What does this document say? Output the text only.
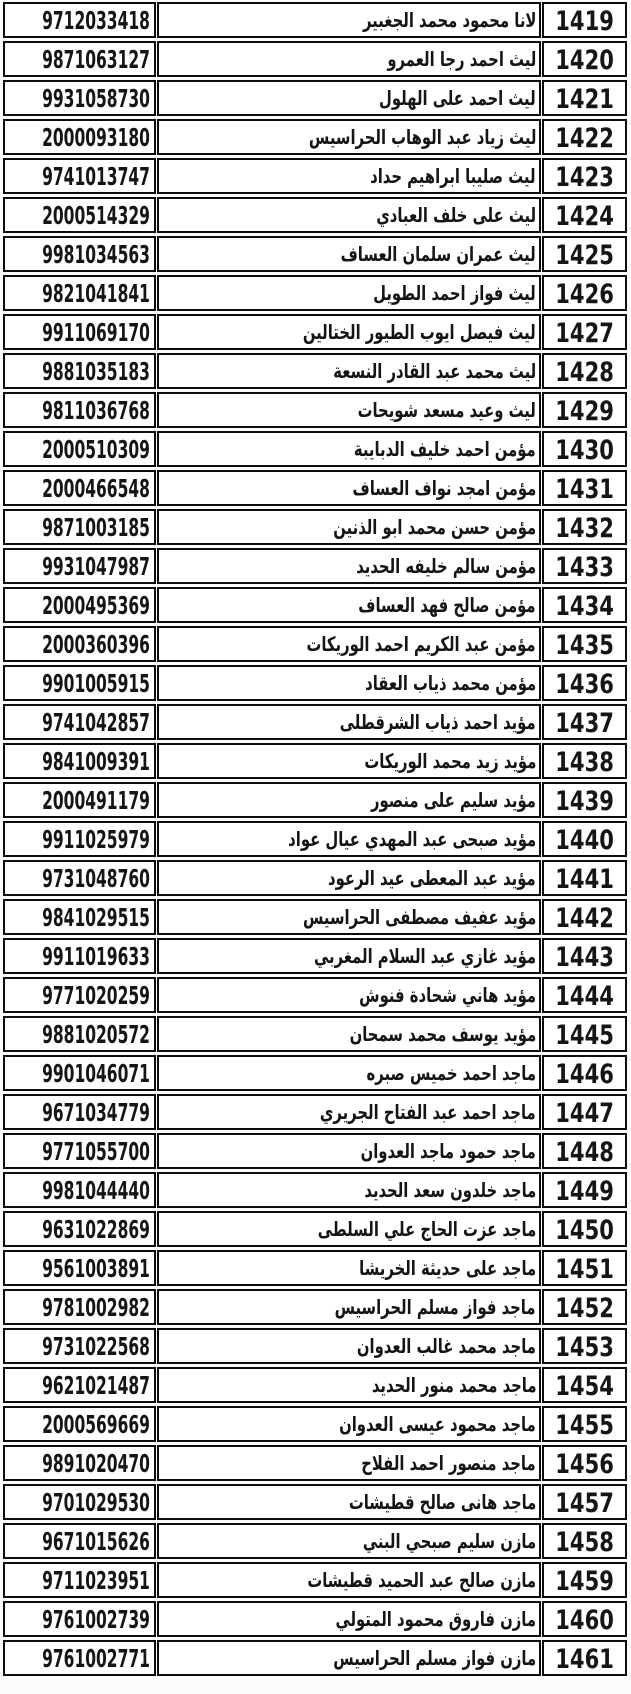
9712033418	لانا محمود محمد الجغبير 1419
9871063127	ليث احمد رجا العمرو 1420
9931058730	ليث احمد على الهلول 1421
2000093180	ليث زياد عبد الوهاب الحراسيس 1422
9741013747	ليث صليبا ابراهيم حداد 1423
2000514329	ليث على خلف العبادي 1424
9981034563	ليث عمران سلمان العساف 1425
9821041841	ليث فواز احمد الطويل 1426
9911069170	ليث فيصل ايوب الطيور الختالين 1427
9881035183	ليث محمد عبد القادر النسعة 1428
9811036768	ليث وعيد مسعد شويحات 1429
2000510309	مؤمن احمد خليف الدبايبة 1430
2000466548	مؤمن امجد نواف العساف 1431
9871003185	مؤمن حسن محمد ابو الذنين 1432
9931047987	مؤمن سالم خليفه الحديد 1433
2000495369	مؤمن صالح فهد العساف 1434
2000360396	مؤمن عبد الكريم احمد الوريكات 1435
9901005915	مؤمن محمد ذياب العقاد 1436
9741042857	مؤيد احمد ذياب الشرقطلى 1437
9841009391	مؤيد زيد محمد الوريكات 1438
2000491179	مؤيد سليم على منصور 1439
9911025979	مؤيد صبحى عبد المهدي عيال عواد 1440
9731048760	مؤيد عبد المعطى عيد الرعود 1441
9841029515	مؤيد عفيف مصطفى الحراسيس 1442
9911019633	مؤيد غازي عبد السلام المغربي 1443
9771020259	مؤيد هاني شحادة فنوش 1444
9881020572	مؤيد يوسف محمد سمحان 1445
9901046071	ماجد احمد خميس صبره 1446
9671034779	ماجد احمد عبد الفتاح الجريري 1447
9771055700	ماجد حمود ماجد العدوان 1448
9981044440	ماجد خلدون سعد الحديد 1449
9631022869	ماجد عزت الحاج علي السلطى 1450
9561003891	ماجد على حديثة الخريشا 1451
9781002982	ماجد فواز مسلم الحراسيس 1452
9731022568	ماجد محمد غالب العدوان 1453
9621021487	ماجد محمد منور الحديد 1454
2000569669	ماجد محمود عيسى العدوان 1455
9891020470	ماجد منصور احمد الفلاح 1456
9701029530	ماجد هانى صالح قطيشات 1457
9671015626	مازن سليم صبحي البني 1458
9711023951	مازن صالح عبد الحميد قطيشات 1459
9761002739	مازن فاروق محمود المتولي 1460
9761002771	مازن فواز مسلم الحراسيس 1461
